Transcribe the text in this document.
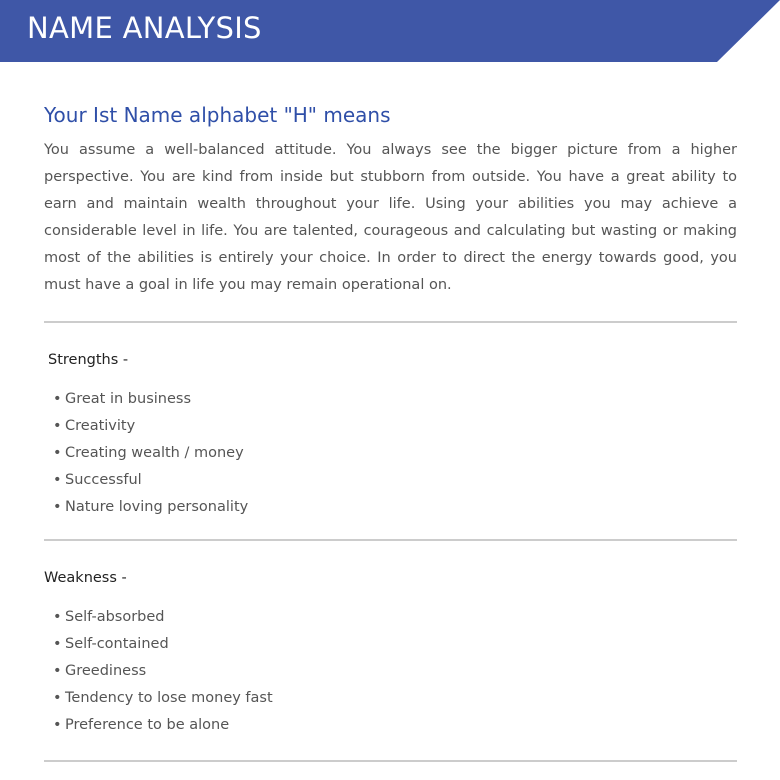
NAME ANALYSIS
Your Ist Name alphabet "H" means

You assume a well-balanced attitude. You always see the bigger picture from a higher perspective. You are kind from inside but stubborn from outside. You have a great ability to earn and maintain wealth throughout your life. Using your abilities you may achieve a considerable level in life. You are talented, courageous and calculating but wasting or making most of the abilities is entirely your choice. In order to direct the energy towards good, you must have a goal in life you may remain operational on.

Strengths -
• Great in business
• Creativity
• Creating wealth / money
• Successful
• Nature loving personality
Weakness -
• Self-absorbed
• Self-contained
• Greediness
• Tendency to lose money fast
• Preference to be alone
